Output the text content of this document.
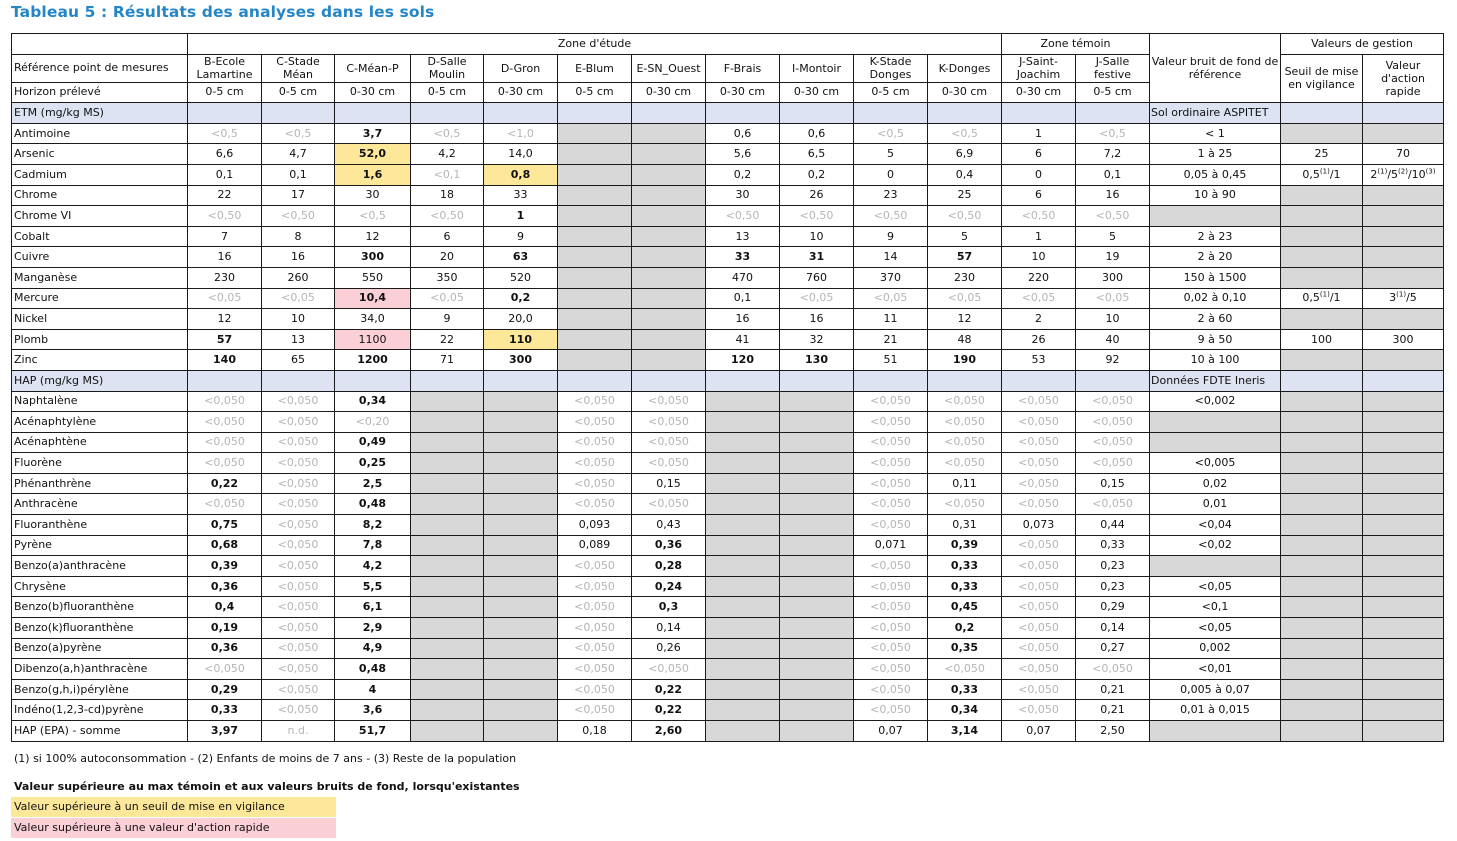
Tableau 5 : Résultats des analyses dans les sols
	Zone d'étude											Zone témoin		Valeur bruit de fond de référence	Valeurs de gestion	
Référence point de mesures	B-Ecole Lamartine	C-Stade Méan	C-Méan-P	D-Salle Moulin	D-Gron	E-Blum	E-SN_Ouest	F-Brais	I-Montoir	K-Stade Donges	K-Donges	J-Saint-Joachim	J-Salle festive		Seuil de mise en vigilance	Valeur d'action rapide
Horizon prélevé	0-5 cm	0-5 cm	0-30 cm	0-5 cm	0-30 cm	0-5 cm	0-30 cm	0-30 cm	0-30 cm	0-5 cm	0-30 cm	0-30 cm	0-5 cm			
ETM (mg/kg MS)														Sol ordinaire ASPITET		
Antimoine	<0,5	<0,5	3,7	<0,5	<1,0			0,6	0,6	<0,5	<0,5	1	<0,5	< 1		
Arsenic	6,6	4,7	52,0	4,2	14,0			5,6	6,5	5	6,9	6	7,2	1 à 25	25	70
Cadmium	0,1	0,1	1,6	<0,1	0,8			0,2	0,2	0	0,4	0	0,1	0,05 à 0,45	0,5$^{(1)}$/1	2$^{(1)}$/5$^{(2)}$/10$^{(3)}$
Chrome	22	17	30	18	33			30	26	23	25	6	16	10 à 90		
Chrome VI	<0,50	<0,50	<0,5	<0,50	1			<0,50	<0,50	<0,50	<0,50	<0,50	<0,50			
Cobalt	7	8	12	6	9			13	10	9	5	1	5	2 à 23		
Cuivre	16	16	300	20	63			33	31	14	57	10	19	2 à 20		
Manganèse	230	260	550	350	520			470	760	370	230	220	300	150 à 1500		
Mercure	<0,05	<0,05	10,4	<0,05	0,2			0,1	<0,05	<0,05	<0,05	<0,05	<0,05	0,02 à 0,10	0,5$^{(1)}$/1	3$^{(1)}$/5
Nickel	12	10	34,0	9	20,0			16	16	11	12	2	10	2 à 60		
Plomb	57	13	1100	22	110			41	32	21	48	26	40	9 à 50	100	300
Zinc	140	65	1200	71	300			120	130	51	190	53	92	10 à 100		
HAP (mg/kg MS)														Données FDTE Ineris		
Naphtalène	<0,050	<0,050	0,34			<0,050	<0,050			<0,050	<0,050	<0,050	<0,050	<0,002		
Acénaphtylène	<0,050	<0,050	<0,20			<0,050	<0,050			<0,050	<0,050	<0,050	<0,050			
Acénaphtène	<0,050	<0,050	0,49			<0,050	<0,050			<0,050	<0,050	<0,050	<0,050			
Fluorène	<0,050	<0,050	0,25			<0,050	<0,050			<0,050	<0,050	<0,050	<0,050	<0,005		
Phénanthrène	0,22	<0,050	2,5			<0,050	0,15			<0,050	0,11	<0,050	0,15	0,02		
Anthracène	<0,050	<0,050	0,48			<0,050	<0,050			<0,050	<0,050	<0,050	<0,050	0,01		
Fluoranthène	0,75	<0,050	8,2			0,093	0,43			<0,050	0,31	0,073	0,44	<0,04		
Pyrène	0,68	<0,050	7,8			0,089	0,36			0,071	0,39	<0,050	0,33	<0,02		
Benzo(a)anthracène	0,39	<0,050	4,2			<0,050	0,28			<0,050	0,33	<0,050	0,23			
Chrysène	0,36	<0,050	5,5			<0,050	0,24			<0,050	0,33	<0,050	0,23	<0,05		
Benzo(b)fluoranthène	0,4	<0,050	6,1			<0,050	0,3			<0,050	0,45	<0,050	0,29	<0,1		
Benzo(k)fluoranthène	0,19	<0,050	2,9			<0,050	0,14			<0,050	0,2	<0,050	0,14	<0,05		
Benzo(a)pyrène	0,36	<0,050	4,9			<0,050	0,26			<0,050	0,35	<0,050	0,27	0,002		
Dibenzo(a,h)anthracène	<0,050	<0,050	0,48			<0,050	<0,050			<0,050	<0,050	<0,050	<0,050	<0,01		
Benzo(g,h,i)pérylène	0,29	<0,050	4			<0,050	0,22			<0,050	0,33	<0,050	0,21	0,005 à 0,07		
Indéno(1,2,3-cd)pyrène	0,33	<0,050	3,6			<0,050	0,22			<0,050	0,34	<0,050	0,21	0,01 à 0,015		
HAP (EPA) - somme	3,97	n.d.	51,7			0,18	2,60			0,07	3,14	0,07	2,50			
(1) si 100% autoconsommation - (2) Enfants de moins de 7 ans - (3) Reste de la population
Valeur supérieure au max témoin et aux valeurs bruits de fond, lorsqu'existantes
Valeur supérieure à un seuil de mise en vigilance
Valeur supérieure à une valeur d'action rapide
